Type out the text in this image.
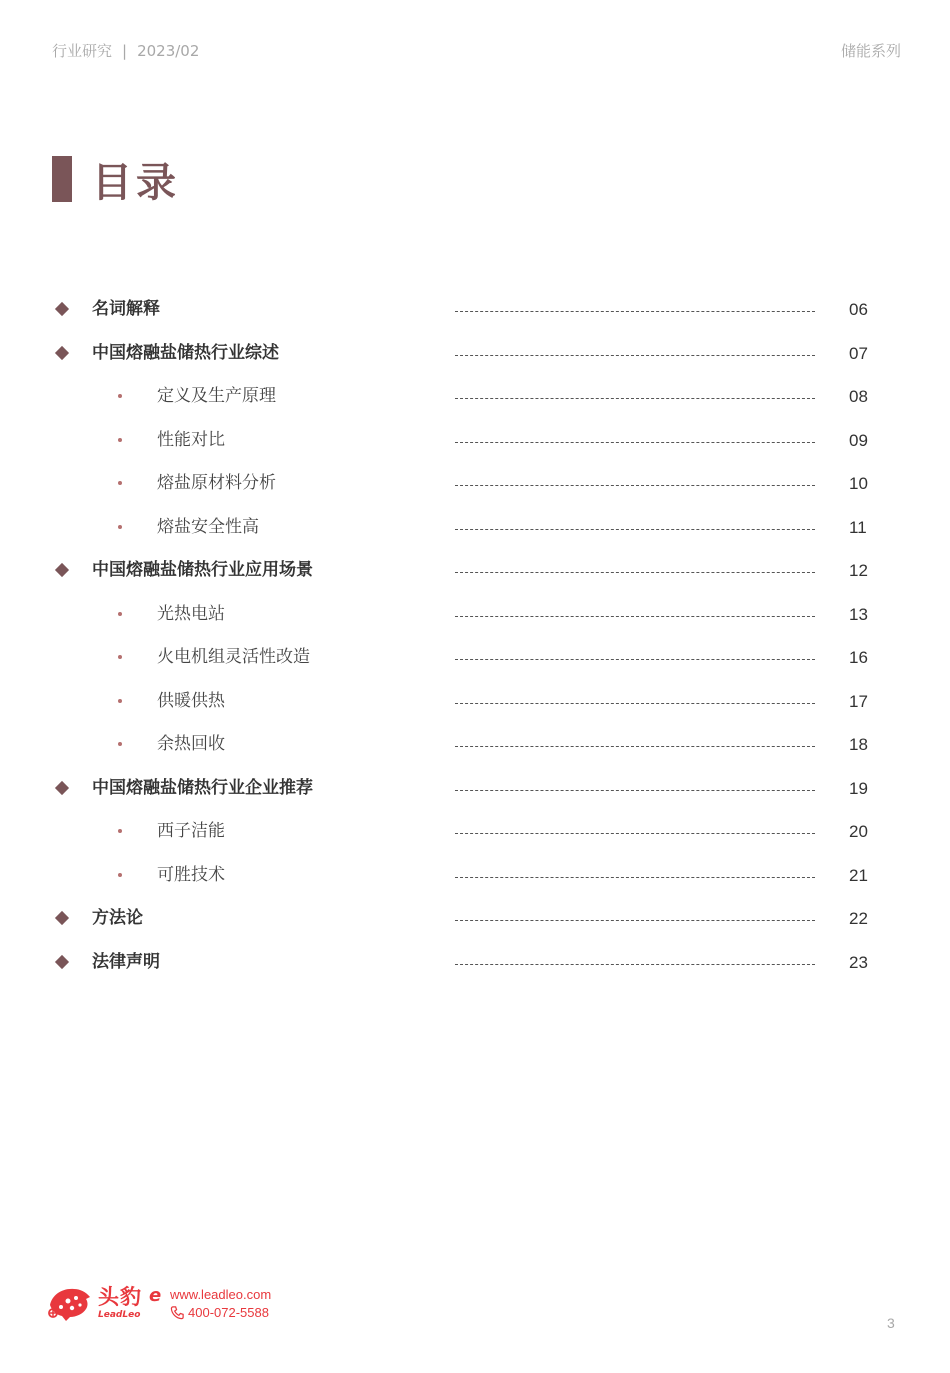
行业研究 | 2023/02	储能系列
目录
名词解释	06
中国熔融盐储热行业综述	07
定义及生产原理	08
性能对比	09
熔盐原材料分析	10
熔盐安全性高	11
中国熔融盐储热行业应用场景	12
光热电站	13
火电机组灵活性改造	16
供暖供热	17
余热回收	18
中国熔融盐储热行业企业推荐	19
西子洁能	20
可胜技术	21
方法论	22
法律声明	23
头豹
LeadLeo
e www.leadleo.com
400-072-5588
3
